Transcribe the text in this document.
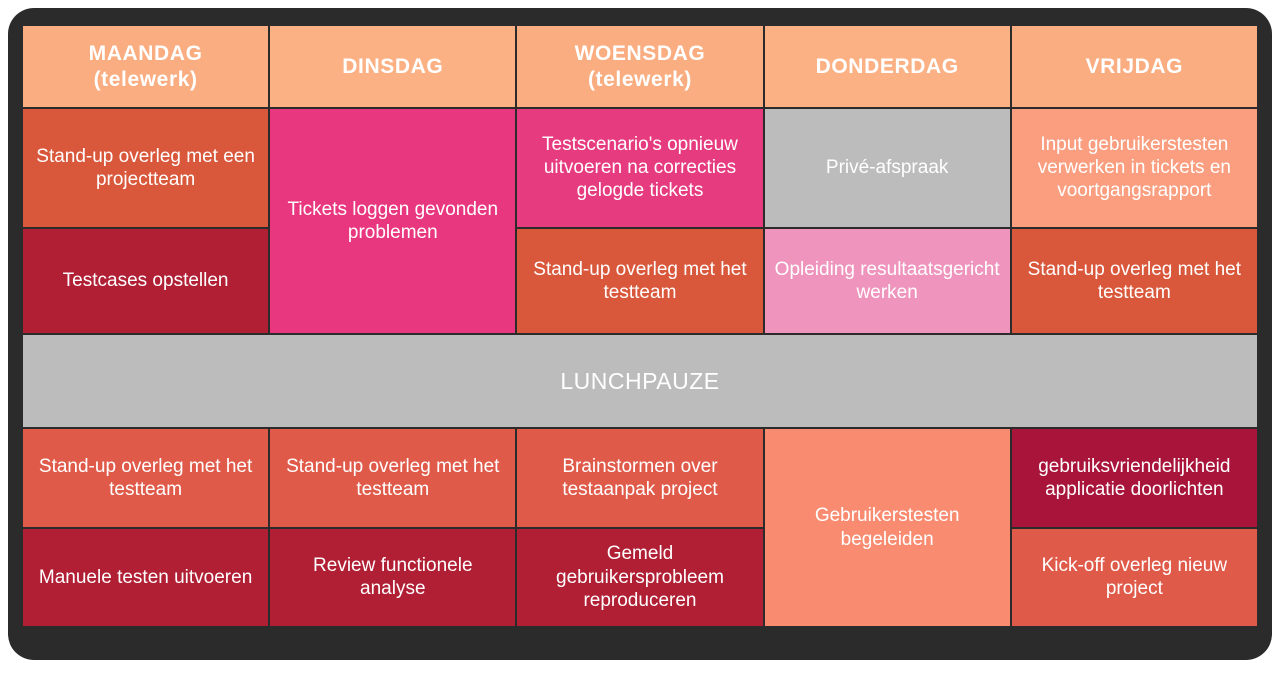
MAANDAG
(telewerk)
DINSDAG
WOENSDAG
(telewerk)
DONDERDAG	VRIJDAG
Stand-up overleg met een projectteam
Testcases opstellen
Tickets loggen gevonden problemen
Testscenario's opnieuw uitvoeren na correcties gelogde tickets
Stand-up overleg met het testteam
Privé-afspraak
Opleiding resultaatsgericht werken
Input gebruikerstesten verwerken in tickets en voortgangsrapport
Stand-up overleg met het testteam
LUNCHPAUZE
Stand-up overleg met het testteam
Manuele testen uitvoeren
Stand-up overleg met het testteam
Review functionele analyse
Brainstormen over testaanpak project
Gemeld gebruikersprobleem reproduceren
Gebruikerstesten begeleiden
gebruiksvriendelijkheid applicatie doorlichten
Kick-off overleg nieuw project
